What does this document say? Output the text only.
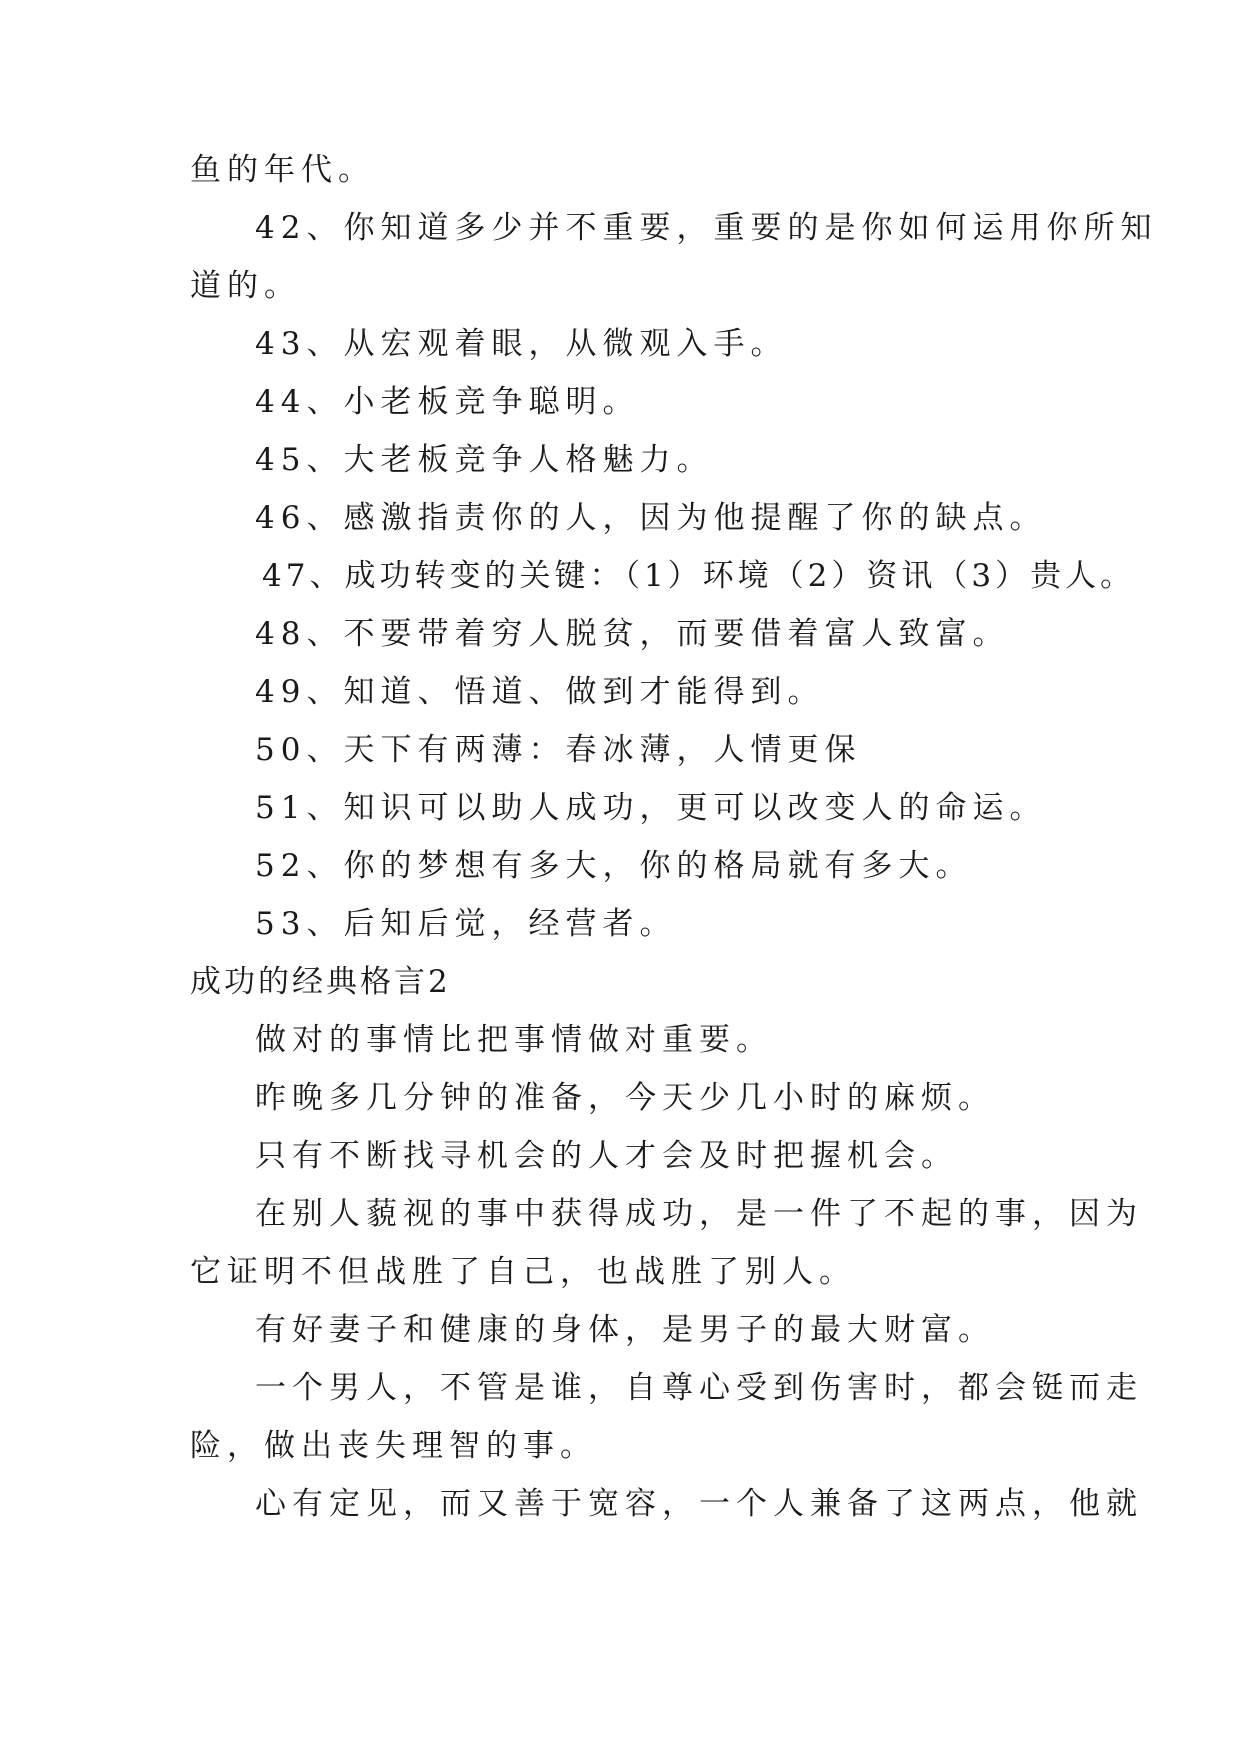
鱼的年代。
42、你知道多少并不重要，重要的是你如何运用你所知
道的。
43、从宏观着眼，从微观入手。
44、小老板竞争聪明。
45、大老板竞争人格魅力。
46、感激指责你的人，因为他提醒了你的缺点。
47、成功转变的关键：（1）环境（2）资讯（3）贵人。
48、不要带着穷人脱贫，而要借着富人致富。
49、知道、悟道、做到才能得到。
50、天下有两薄：春冰薄，人情更保
51、知识可以助人成功，更可以改变人的命运。
52、你的梦想有多大，你的格局就有多大。
53、后知后觉，经营者。
成功的经典格言2
做对的事情比把事情做对重要。
昨晚多几分钟的准备，今天少几小时的麻烦。
只有不断找寻机会的人才会及时把握机会。
在别人藐视的事中获得成功，是一件了不起的事，因为
它证明不但战胜了自己，也战胜了别人。
有好妻子和健康的身体，是男子的最大财富。
一个男人，不管是谁，自尊心受到伤害时，都会铤而走
险，做出丧失理智的事。
心有定见，而又善于宽容，一个人兼备了这两点，他就
